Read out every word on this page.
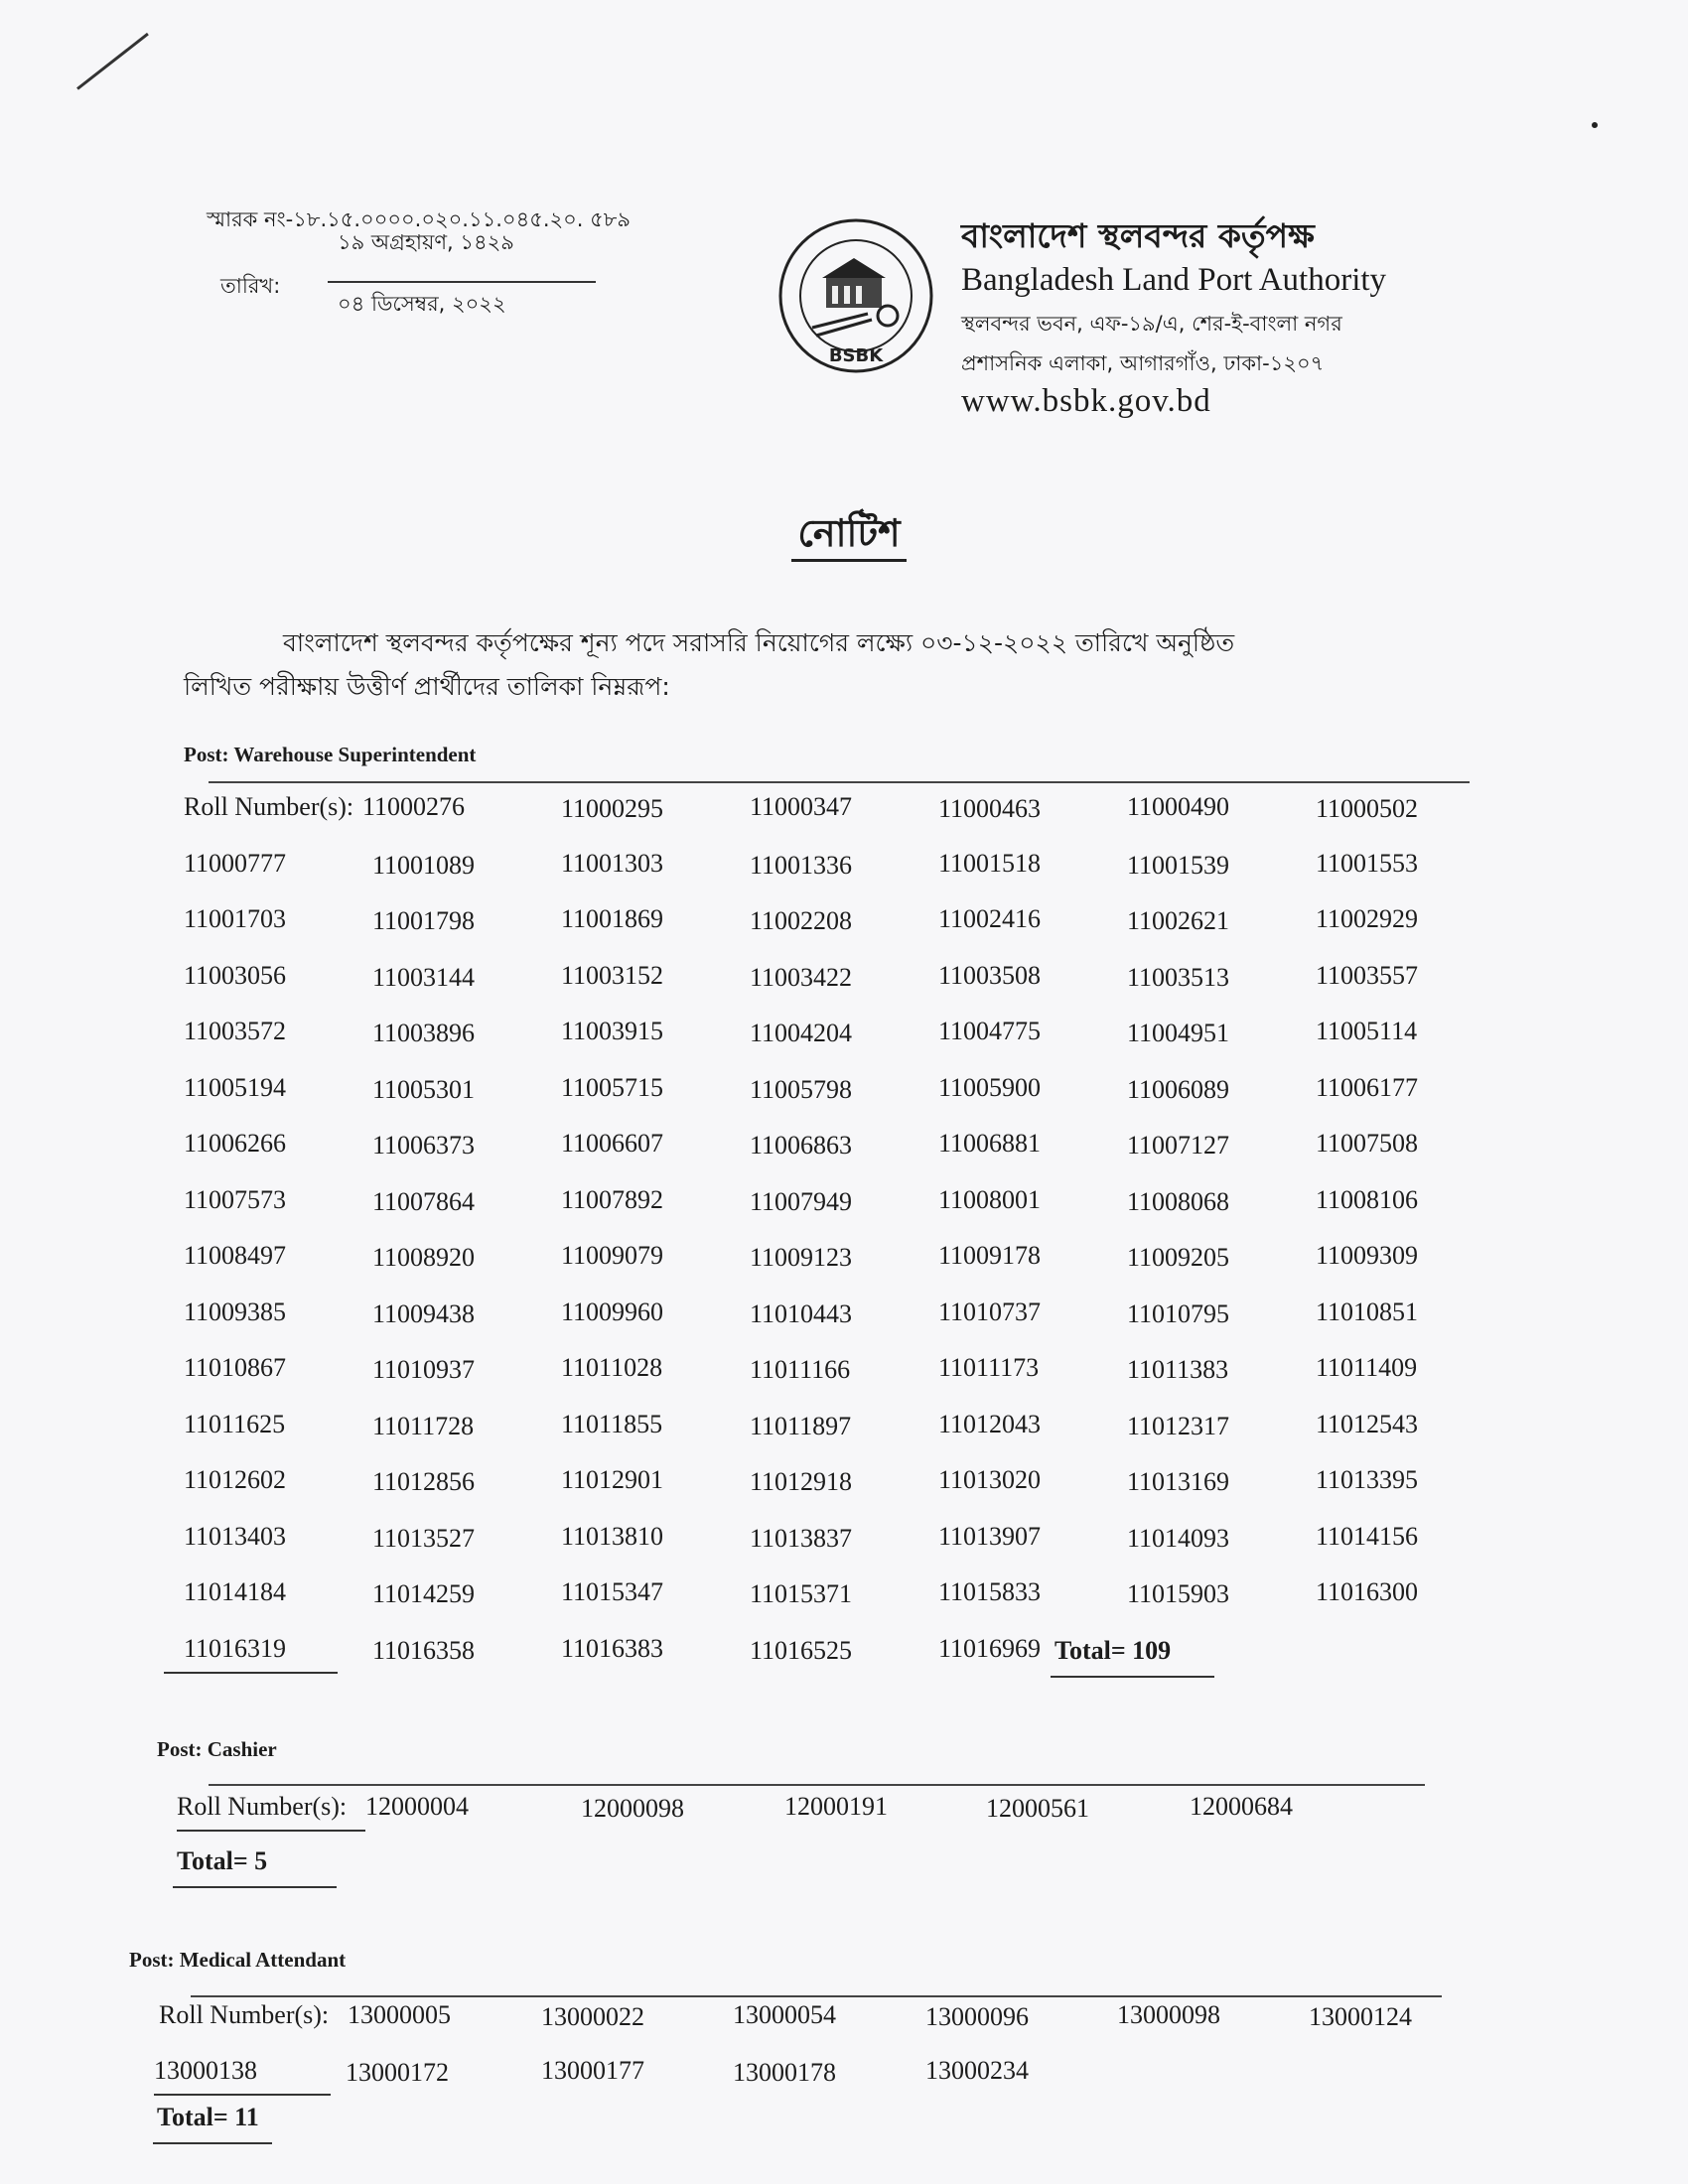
স্মারক নং-১৮.১৫.০০০০.০২০.১১.০৪৫.২০. ৫৮৯
তারিখ:
১৯ অগ্রহায়ণ, ১৪২৯
০৪ ডিসেম্বর, ২০২২
BSBK
বাংলাদেশ স্থলবন্দর কর্তৃপক্ষ
Bangladesh Land Port Authority
স্থলবন্দর ভবন, এফ-১৯/এ, শের-ই-বাংলা নগর
প্রশাসনিক এলাকা, আগারগাঁও, ঢাকা-১২০৭
www.bsbk.gov.bd
নোটিশ
বাংলাদেশ স্থলবন্দর কর্তৃপক্ষের শূন্য পদে সরাসরি নিয়োগের লক্ষ্যে ০৩-১২-২০২২ তারিখে অনুষ্ঠিত
লিখিত পরীক্ষায় উত্তীর্ণ প্রার্থীদের তালিকা নিম্নরূপ:
Post: Warehouse Superintendent
Roll Number(s): 11000276	11000295	11000347	11000463	11000490	11000502
11000777	11001089	11001303	11001336	11001518	11001539	11001553
11001703	11001798	11001869	11002208	11002416	11002621	11002929
11003056	11003144	11003152	11003422	11003508	11003513	11003557
11003572	11003896	11003915	11004204	11004775	11004951	11005114
11005194	11005301	11005715	11005798	11005900	11006089	11006177
11006266	11006373	11006607	11006863	11006881	11007127	11007508
11007573	11007864	11007892	11007949	11008001	11008068	11008106
11008497	11008920	11009079	11009123	11009178	11009205	11009309
11009385	11009438	11009960	11010443	11010737	11010795	11010851
11010867	11010937	11011028	11011166	11011173	11011383	11011409
11011625	11011728	11011855	11011897	11012043	11012317	11012543
11012602	11012856	11012901	11012918	11013020	11013169	11013395
11013403	11013527	11013810	11013837	11013907	11014093	11014156
11014184	11014259	11015347	11015371	11015833	11015903	11016300
11016319	11016358	11016383	11016525	11016969 Total= 109
Post: Cashier
Roll Number(s): 12000004	12000098	12000191	12000561	12000684
Total= 5
Post: Medical Attendant
Roll Number(s): 13000005	13000022	13000054	13000096	13000098	13000124
13000138	13000172	13000177	13000178	13000234
Total= 11
